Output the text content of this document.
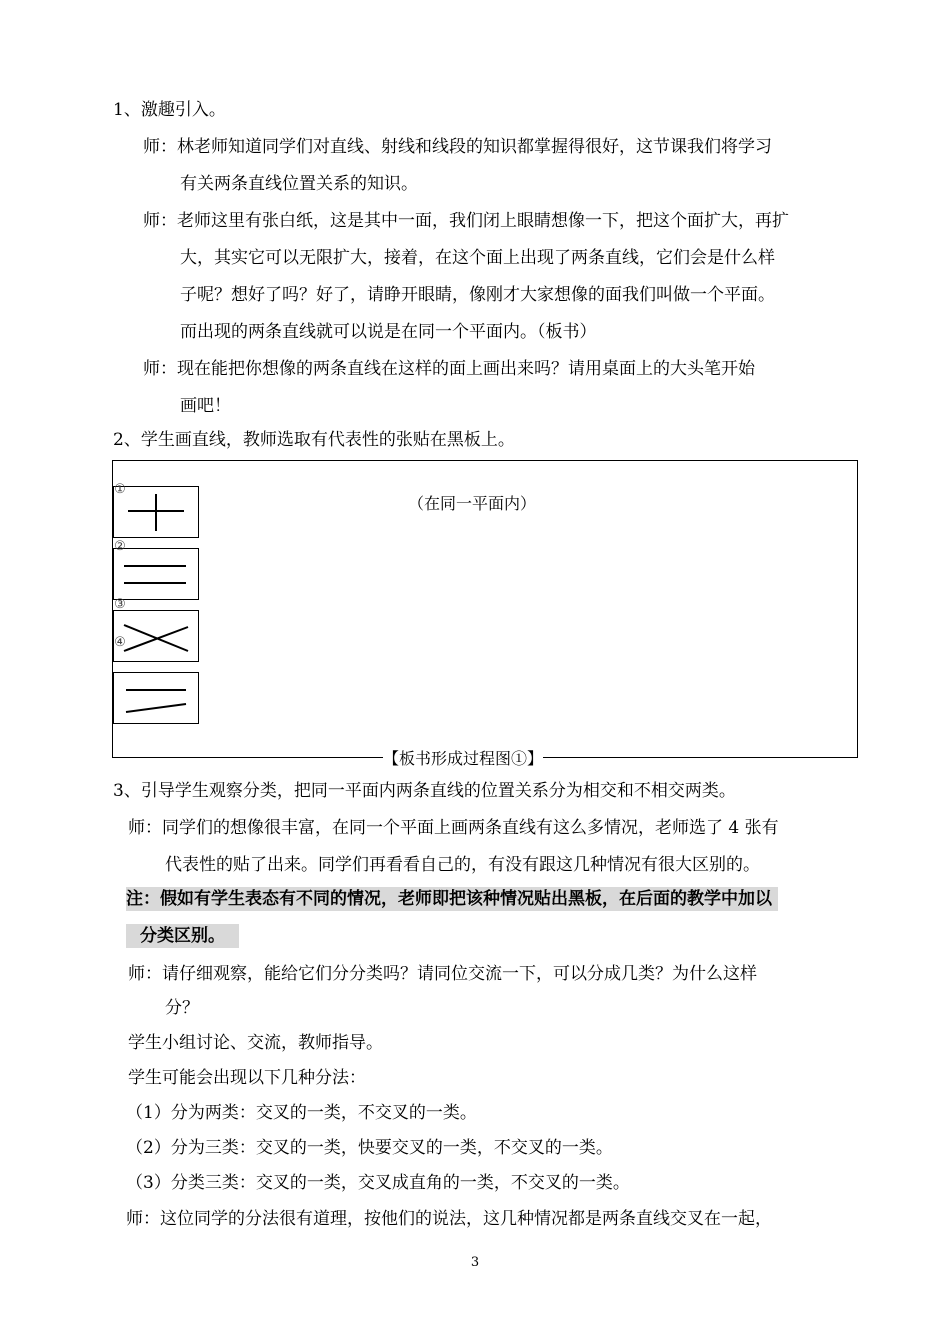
1、激趣引入。
师：林老师知道同学们对直线、射线和线段的知识都掌握得很好，这节课我们将学习
有关两条直线位置关系的知识。
师：老师这里有张白纸，这是其中一面，我们闭上眼睛想像一下，把这个面扩大，再扩
大，其实它可以无限扩大，接着，在这个面上出现了两条直线，它们会是什么样
子呢？想好了吗？好了，请睁开眼睛，像刚才大家想像的面我们叫做一个平面。
而出现的两条直线就可以说是在同一个平面内。（板书）
师：现在能把你想像的两条直线在这样的面上画出来吗？请用桌面上的大头笔开始
画吧！
2、学生画直线，教师选取有代表性的张贴在黑板上。
（在同一平面内）
①
②
③
④
【板书形成过程图①】
3、引导学生观察分类，把同一平面内两条直线的位置关系分为相交和不相交两类。
师：同学们的想像很丰富，在同一个平面上画两条直线有这么多情况，老师选了 4 张有
代表性的贴了出来。同学们再看看自己的，有没有跟这几种情况有很大区别的。
注：假如有学生表态有不同的情况，老师即把该种情况贴出黑板，在后面的教学中加以
分类区别。
师：请仔细观察，能给它们分分类吗？请同位交流一下，可以分成几类？为什么这样
分？
学生小组讨论、交流，教师指导。
学生可能会出现以下几种分法：
（1）分为两类：交叉的一类，不交叉的一类。
（2）分为三类：交叉的一类，快要交叉的一类，不交叉的一类。
（3）分类三类：交叉的一类，交叉成直角的一类，不交叉的一类。
师：这位同学的分法很有道理，按他们的说法，这几种情况都是两条直线交叉在一起，
3
